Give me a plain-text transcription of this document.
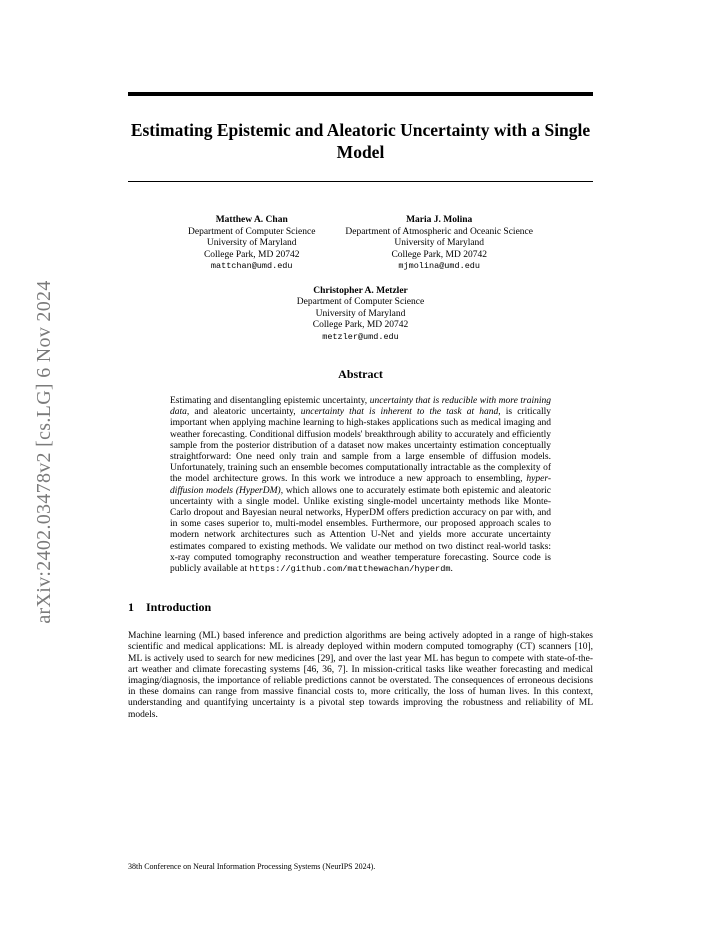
arXiv:2402.03478v2 [cs.LG] 6 Nov 2024
Estimating Epistemic and Aleatoric Uncertainty with a Single Model
Matthew A. Chan
Department of Computer Science
University of Maryland
College Park, MD 20742
mattchan@umd.edu
Maria J. Molina
Department of Atmospheric and Oceanic Science
University of Maryland
College Park, MD 20742
mjmolina@umd.edu
Christopher A. Metzler
Department of Computer Science
University of Maryland
College Park, MD 20742
metzler@umd.edu
Abstract

Estimating and disentangling epistemic uncertainty, uncertainty that is reducible with more training data, and aleatoric uncertainty, uncertainty that is inherent to the task at hand, is critically important when applying machine learning to high-stakes applications such as medical imaging and weather forecasting. Conditional diffusion models' breakthrough ability to accurately and efficiently sample from the posterior distribution of a dataset now makes uncertainty estimation conceptually straightforward: One need only train and sample from a large ensemble of diffusion models. Unfortunately, training such an ensemble becomes computationally intractable as the complexity of the model architecture grows. In this work we introduce a new approach to ensembling, hyper-diffusion models (HyperDM), which allows one to accurately estimate both epistemic and aleatoric uncertainty with a single model. Unlike existing single-model uncertainty methods like Monte-Carlo dropout and Bayesian neural networks, HyperDM offers prediction accuracy on par with, and in some cases superior to, multi-model ensembles. Furthermore, our proposed approach scales to modern network architectures such as Attention U-Net and yields more accurate uncertainty estimates compared to existing methods. We validate our method on two distinct real-world tasks: x-ray computed tomography reconstruction and weather temperature forecasting. Source code is publicly available at https://github.com/matthewachan/hyperdm.

1 Introduction

Machine learning (ML) based inference and prediction algorithms are being actively adopted in a range of high-stakes scientific and medical applications: ML is already deployed within modern computed tomography (CT) scanners [10], ML is actively used to search for new medicines [29], and over the last year ML has begun to compete with state-of-the-art weather and climate forecasting systems [46, 36, 7]. In mission-critical tasks like weather forecasting and medical imaging/diagnosis, the importance of reliable predictions cannot be overstated. The consequences of erroneous decisions in these domains can range from massive financial costs to, more critically, the loss of human lives. In this context, understanding and quantifying uncertainty is a pivotal step towards improving the robustness and reliability of ML models.

38th Conference on Neural Information Processing Systems (NeurIPS 2024).
